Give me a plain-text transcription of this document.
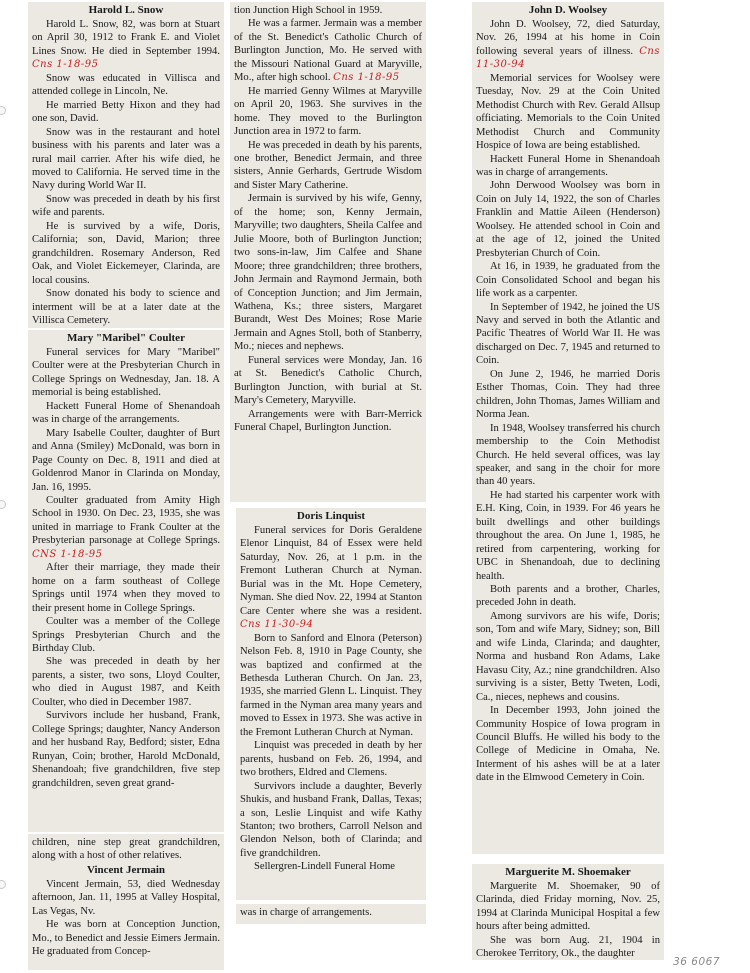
Harold L. Snow

Harold L. Snow, 82, was born at Stuart on April 30, 1912 to Frank E. and Violet Lines Snow. He died in September 1994. Cns 1-18-95

Snow was educated in Villisca and attended college in Lincoln, Ne.

He married Betty Hixon and they had one son, David.

Snow was in the restaurant and hotel business with his parents and later was a rural mail carrier. After his wife died, he moved to California. He served time in the Navy during World War II.

Snow was preceded in death by his first wife and parents.

He is survived by a wife, Doris, California; son, David, Marion; three grandchildren. Rosemary Anderson, Red Oak, and Violet Eickemeyer, Clarinda, are local cousins.

Snow donated his body to science and interment will be at a later date at the Villisca Cemetery.

Mary "Maribel" Coulter

Funeral services for Mary "Maribel" Coulter were at the Presbyterian Church in College Springs on Wednesday, Jan. 18. A memorial is being established.

Hackett Funeral Home of Shenandoah was in charge of the arrangements.

Mary Isabelle Coulter, daughter of Burt and Anna (Smiley) McDonald, was born in Page County on Dec. 8, 1911 and died at Goldenrod Manor in Clarinda on Monday, Jan. 16, 1995.

Coulter graduated from Amity High School in 1930. On Dec. 23, 1935, she was united in marriage to Frank Coulter at the Presbyterian parsonage at College Springs. CNS 1-18-95

After their marriage, they made their home on a farm southeast of College Springs until 1974 when they moved to their present home in College Springs.

Coulter was a member of the College Springs Presbyterian Church and the Birthday Club.

She was preceded in death by her parents, a sister, two sons, Lloyd Coulter, who died in August 1987, and Keith Coulter, who died in December 1987.

Survivors include her husband, Frank, College Springs; daughter, Nancy Anderson and her husband Ray, Bedford; sister, Edna Runyan, Coin; brother, Harold McDonald, Shenandoah; five grandchildren, five step grandchildren, seven great grand-

children, nine step great grandchildren, along with a host of other relatives.

Vincent Jermain

Vincent Jermain, 53, died Wednesday afternoon, Jan. 11, 1995 at Valley Hospital, Las Vegas, Nv.

He was born at Conception Junction, Mo., to Benedict and Jessie Eimers Jermain. He graduated from Concep-

tion Junction High School in 1959.

He was a farmer. Jermain was a member of the St. Benedict's Catholic Church of Burlington Junction, Mo. He served with the Missouri National Guard at Maryville, Mo., after high school. Cns 1-18-95

He married Genny Wilmes at Maryville on April 20, 1963. She survives in the home. They moved to the Burlington Junction area in 1972 to farm.

He was preceded in death by his parents, one brother, Benedict Jermain, and three sisters, Annie Gerhards, Gertrude Wisdom and Sister Mary Catherine.

Jermain is survived by his wife, Genny, of the home; son, Kenny Jermain, Maryville; two daughters, Sheila Calfee and Julie Moore, both of Burlington Junction; two sons-in-law, Jim Calfee and Shane Moore; three grandchildren; three brothers, John Jermain and Raymond Jermain, both of Conception Junction; and Jim Jermain, Wathena, Ks.; three sisters, Margaret Burandt, West Des Moines; Rose Marie Jermain and Agnes Stoll, both of Stanberry, Mo.; nieces and nephews.

Funeral services were Monday, Jan. 16 at St. Benedict's Catholic Church, Burlington Junction, with burial at St. Mary's Cemetery, Maryville.

Arrangements were with Barr-Merrick Funeral Chapel, Burlington Junction.

Doris Linquist

Funeral services for Doris Geraldene Elenor Linquist, 84 of Essex were held Saturday, Nov. 26, at 1 p.m. in the Fremont Lutheran Church at Nyman. Burial was in the Mt. Hope Cemetery, Nyman. She died Nov. 22, 1994 at Stanton Care Center where she was a resident. Cns 11-30-94

Born to Sanford and Elnora (Peterson) Nelson Feb. 8, 1910 in Page County, she was baptized and confirmed at the Bethesda Lutheran Church. On Jan. 23, 1935, she married Glenn L. Linquist. They farmed in the Nyman area many years and moved to Essex in 1973. She was active in the Fremont Lutheran Church at Nyman.

Linquist was preceded in death by her parents, husband on Feb. 26, 1994, and two brothers, Eldred and Clemens.

Survivors include a daughter, Beverly Shukis, and husband Frank, Dallas, Texas; a son, Leslie Linquist and wife Kathy Stanton; two brothers, Carroll Nelson and Glendon Nelson, both of Clarinda; and five grandchildren.

Sellergren-Lindell Funeral Home

was in charge of arrangements.

John D. Woolsey

John D. Woolsey, 72, died Saturday, Nov. 26, 1994 at his home in Coin following several years of illness. Cns 11-30-94

Memorial services for Woolsey were Tuesday, Nov. 29 at the Coin United Methodist Church with Rev. Gerald Allsup officiating. Memorials to the Coin United Methodist Church and Community Hospice of Iowa are being established.

Hackett Funeral Home in Shenandoah was in charge of arrangements.

John Derwood Woolsey was born in Coin on July 14, 1922, the son of Charles Franklin and Mattie Aileen (Henderson) Woolsey. He attended school in Coin and at the age of 12, joined the United Presbyterian Church of Coin.

At 16, in 1939, he graduated from the Coin Consolidated School and began his life work as a carpenter.

In September of 1942, he joined the US Navy and served in both the Atlantic and Pacific Theatres of World War II. He was discharged on Dec. 7, 1945 and returned to Coin.

On June 2, 1946, he married Doris Esther Thomas, Coin. They had three children, John Thomas, James William and Norma Jean.

In 1948, Woolsey transferred his church membership to the Coin Methodist Church. He held several offices, was lay speaker, and sang in the choir for more than 40 years.

He had started his carpenter work with E.H. King, Coin, in 1939. For 46 years he built dwellings and other buildings throughout the area. On June 1, 1985, he retired from carpentering, working for UBC in Shenandoah, due to declining health.

Both parents and a brother, Charles, preceded John in death.

Among survivors are his wife, Doris; son, Tom and wife Mary, Sidney; son, Bill and wife Linda, Clarinda; and daughter, Norma and husband Ron Adams, Lake Havasu City, Az.; nine grandchildren. Also surviving is a sister, Betty Tweten, Lodi, Ca., nieces, nephews and cousins.

In December 1993, John joined the Community Hospice of Iowa program in Council Bluffs. He willed his body to the College of Medicine in Omaha, Ne. Interment of his ashes will be at a later date in the Elmwood Cemetery in Coin.

Marguerite M. Shoemaker

Marguerite M. Shoemaker, 90 of Clarinda, died Friday morning, Nov. 25, 1994 at Clarinda Municipal Hospital a few hours after being admitted.

She was born Aug. 21, 1904 in Cherokee Territory, Ok., the daughter

36 6067
